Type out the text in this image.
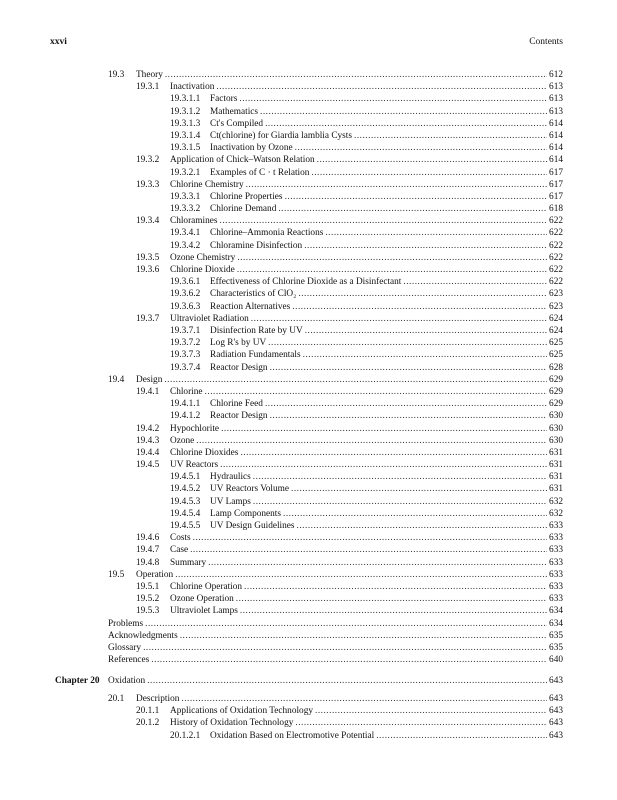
xxvi	Contents
19.3	Theory .....	612
19.3.1	Inactivation .....	613
19.3.1.1	Factors .....	613
19.3.1.2	Mathematics .....	613
19.3.1.3	Ct's Compiled .....	614
19.3.1.4	Ct(chlorine) for Giardia lamblia Cysts .....	614
19.3.1.5	Inactivation by Ozone .....	614
19.3.2	Application of Chick–Watson Relation .....	614
19.3.2.1	Examples of C · t Relation .....	617
19.3.3	Chlorine Chemistry .....	617
19.3.3.1	Chlorine Properties .....	617
19.3.3.2	Chlorine Demand .....	618
19.3.4	Chloramines .....	622
19.3.4.1	Chlorine–Ammonia Reactions .....	622
19.3.4.2	Chloramine Disinfection .....	622
19.3.5	Ozone Chemistry .....	622
19.3.6	Chlorine Dioxide .....	622
19.3.6.1	Effectiveness of Chlorine Dioxide as a Disinfectant .....	622
19.3.6.2	Characteristics of ClO₂ .....	623
19.3.6.3	Reaction Alternatives .....	623
19.3.7	Ultraviolet Radiation .....	624
19.3.7.1	Disinfection Rate by UV .....	624
19.3.7.2	Log R's by UV .....	625
19.3.7.3	Radiation Fundamentals .....	625
19.3.7.4	Reactor Design .....	628
19.4	Design .....	629
19.4.1	Chlorine .....	629
19.4.1.1	Chlorine Feed .....	629
19.4.1.2	Reactor Design .....	630
19.4.2	Hypochlorite .....	630
19.4.3	Ozone .....	630
19.4.4	Chlorine Dioxides .....	631
19.4.5	UV Reactors .....	631
19.4.5.1	Hydraulics .....	631
19.4.5.2	UV Reactors Volume .....	631
19.4.5.3	UV Lamps .....	632
19.4.5.4	Lamp Components .....	632
19.4.5.5	UV Design Guidelines .....	633
19.4.6	Costs .....	633
19.4.7	Case .....	633
19.4.8	Summary .....	633
19.5	Operation .....	633
19.5.1	Chlorine Operation .....	633
19.5.2	Ozone Operation .....	633
19.5.3	Ultraviolet Lamps .....	634
Problems .....	634
Acknowledgments .....	635
Glossary .....	635
References .....	640
Chapter 20 Oxidation .....	643
20.1	Description .....	643
20.1.1	Applications of Oxidation Technology .....	643
20.1.2	History of Oxidation Technology .....	643
20.1.2.1	Oxidation Based on Electromotive Potential .....	643
